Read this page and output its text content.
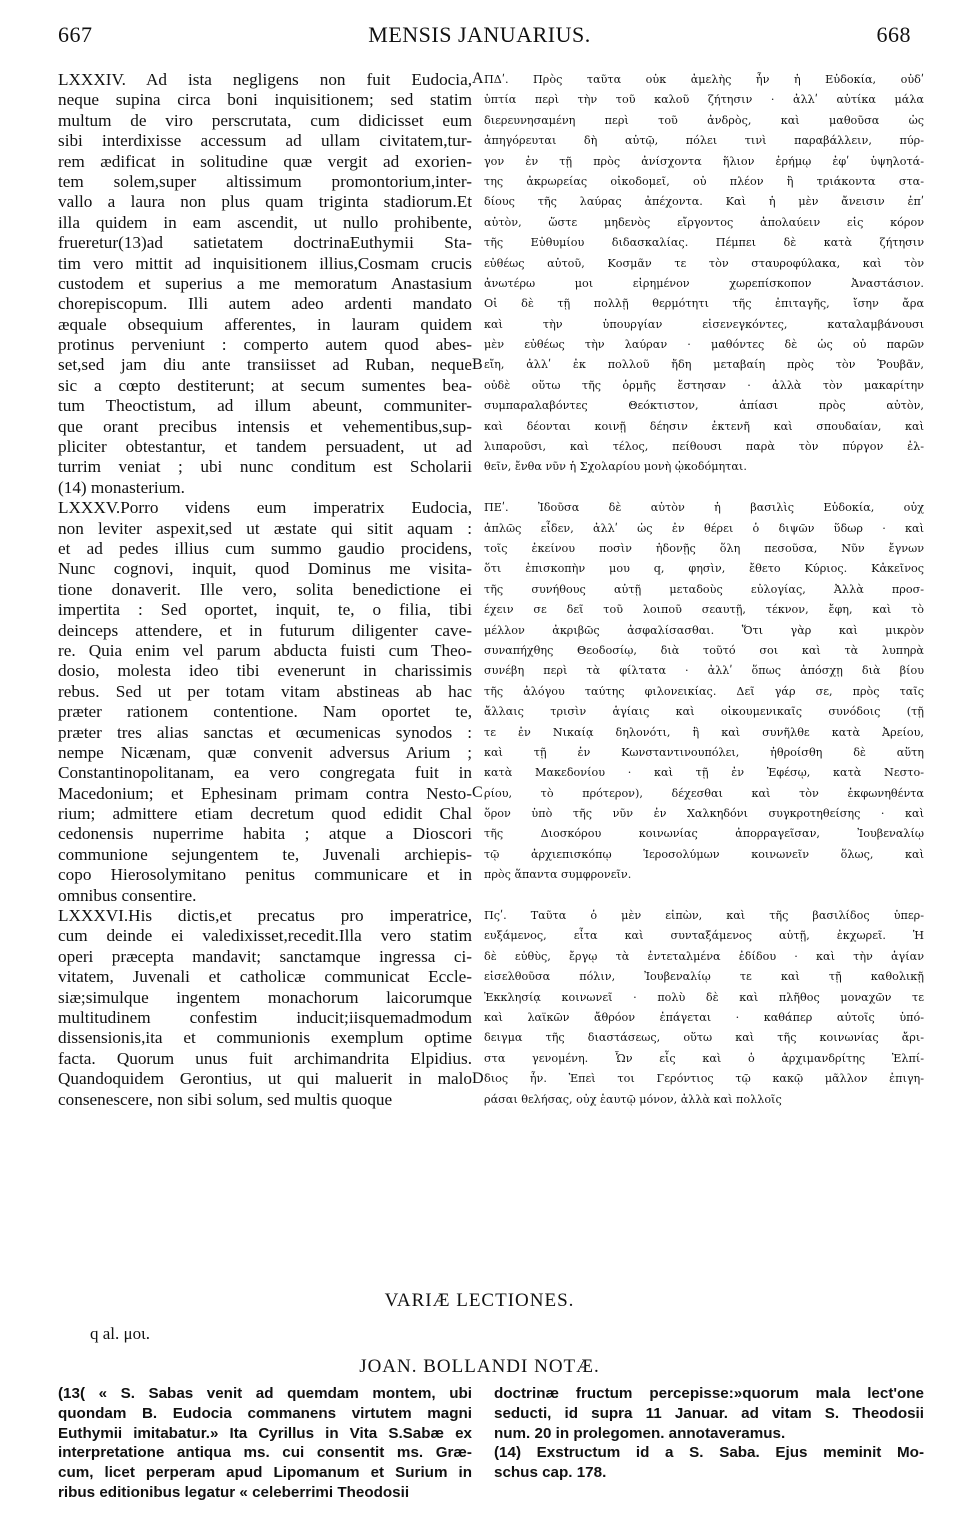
667	MENSIS JANUARIUS.	668
LXXXIV. Ad ista negligens non fuit Eudocia,
neque supina circa boni inquisitionem; sed statim
multum de viro perscrutata, cum didicisset eum
sibi interdixisse accessum ad ullam civitatem,tur-
rem ædificat in solitudine quæ vergit ad exorien-
tem solem,super altissimum promontorium,inter-
vallo a laura non plus quam triginta stadiorum.Et
illa quidem in eam ascendit, ut nullo prohibente,
frueretur(13)ad satietatem doctrinaEuthymii Sta-
tim vero mittit ad inquisitionem illius,Cosmam crucis
custodem et superius a me memoratum Anastasium
chorepiscopum. Illi autem adeo ardenti mandato
æquale obsequium afferentes, in lauram quidem
protinus perveniunt : comperto autem quod abes-
set,sed jam diu ante transiisset ad Ruban, neque
sic a cœpto destiterunt; at secum sumentes bea-
tum Theoctistum, ad illum abeunt, communiter-
que orant precibus intensis et vehementibus,sup-
pliciter obtestantur, et tandem persuadent, ut ad
turrim veniat ; ubi nunc conditum est Scholarii
(14) monasterium.
LXXXV.Porro videns eum imperatrix Eudocia,
non leviter aspexit,sed ut æstate qui sitit aquam :
et ad pedes illius cum summo gaudio procidens,
Nunc cognovi, inquit, quod Dominus me visita-
tione donaverit. Ille vero, solita benedictione ei
impertita : Sed oportet, inquit, te, o filia, tibi
deinceps attendere, et in futurum diligenter cave-
re. Quia enim vel parum abducta fuisti cum Theo-
dosio, molesta ideo tibi evenerunt in charissimis
rebus. Sed ut per totam vitam abstineas ab hac
præter rationem contentione. Nam oportet te,
præter tres alias sanctas et œcumenicas synodos :
nempe Nicænam, quæ convenit adversus Arium ;
Constantinopolitanam, ea vero congregata fuit in
Macedonium; et Ephesinam primam contra Nesto-
rium; admittere etiam decretum quod edidit Chal
cedonensis nuperrime habita ; atque a Dioscori
communione sejungentem te, Juvenali archiepis-
copo Hierosolymitano penitus communicare et in
omnibus consentire.
LXXXVI.His dictis,et precatus pro imperatrice,
cum deinde ei valedixisset,recedit.Illa vero statim
operi præcepta mandavit; sanctamque ingressa ci-
vitatem, Juvenali et catholicæ communicat Eccle-
siæ;simulque ingentem monachorum laicorumque
multitudinem confestim inducit;iisquemadmodum
dissensionis,ita et communionis exemplum optime
facta. Quorum unus fuit archimandrita Elpidius.
Quandoquidem Gerontius, ut qui maluerit in malo
consenescere, non sibi solum, sed multis quoque
ΠΔʹ. Πρὸς ταῦτα οὐκ ἀμελὴς ἦν ἡ Εὐδοκία, οὐδʹ
ὑπτία περὶ τὴν τοῦ καλοῦ ζήτησιν · ἀλλʹ αὐτίκα μάλα
διερευνησαμένη περὶ τοῦ ἀνδρὸς, καὶ μαθοῦσα ὡς
ἀπηγόρευται δὴ αὐτῷ, πόλει τινὶ παραβάλλειν, πύρ-
γον ἐν τῇ πρὸς ἀνίσχοντα ἥλιον ἐρήμῳ ἐφʹ ὑψηλοτά-
της ἀκρωρείας οἰκοδομεῖ, οὐ πλέον ἢ τριάκοντα στα-
δίους τῆς λαύρας ἀπέχοντα. Καὶ ἡ μὲν ἄνεισιν ἐπʹ
αὐτὸν, ὥστε μηδενὸς εἴργοντος ἀπολαύειν εἰς κόρον
τῆς Εὐθυμίου διδασκαλίας. Πέμπει δὲ κατὰ ζήτησιν
εὐθέως αὐτοῦ, Κοσμᾶν τε τὸν σταυροφύλακα, καὶ τὸν
ἀνωτέρω μοι εἰρημένον χωρεπίσκοπον Ἀναστάσιον.
Οἱ δὲ τῇ πολλῇ θερμότητι τῆς ἐπιταγῆς, ἴσην ἄρα
καὶ τὴν ὑπουργίαν εἰσενεγκόντες, καταλαμβάνουσι
μὲν εὐθέως τὴν λαύραν · μαθόντες δὲ ὡς οὐ παρῶν
εἴη, ἀλλʹ ἐκ πολλοῦ ἤδη μεταβαίη πρὸς τὸν Ῥουβᾶν,
οὐδὲ οὕτω τῆς ὁρμῆς ἔστησαν · ἀλλὰ τὸν μακαρίτην
συμπαραλαβόντες Θεόκτιστον, ἀπίασι πρὸς αὐτὸν,
καὶ δέονται κοινῇ δέησιν ἐκτενῆ καὶ σπουδαίαν, καὶ
λιπαροῦσι, καὶ τέλος, πείθουσι παρὰ τὸν πύργον ἐλ-
θεῖν, ἔνθα νῦν ἡ Σχολαρίου μονὴ ᾠκοδόμηται.
ΠΕʹ. Ἰδοῦσα δὲ αὐτὸν ἡ βασιλὶς Εὐδοκία, οὐχ
ἁπλῶς εἶδεν, ἀλλʹ ὡς ἐν θέρει ὁ διψῶν ὕδωρ · καὶ
τοῖς ἐκείνου ποσὶν ἡδονῇς ὅλη πεσοῦσα, Νῦν ἔγνων
ὅτι ἐπισκοπὴν μου q, φησὶν, ἔθετο Κύριος. Κἀκεῖνος
τῆς συνήθους αὐτῇ μεταδοὺς εὐλογίας, Ἀλλὰ προσ-
έχειν σε δεῖ τοῦ λοιποῦ σεαυτῇ, τέκνον, ἔφη, καὶ τὸ
μέλλον ἀκριβῶς ἀσφαλίσασθαι. Ὅτι γὰρ καὶ μικρὸν
συναπήχθης Θεοδοσίῳ, διὰ τοῦτό σοι καὶ τὰ λυπηρὰ
συνέβη περὶ τὰ φίλτατα · ἀλλʹ ὅπως ἀπόσχῃ διὰ βίου
τῆς ἀλόγου ταύτης φιλονεικίας. Δεῖ γάρ σε, πρὸς ταῖς
ἄλλαις τρισὶν ἁγίαις καὶ οἰκουμενικαῖς συνόδοις (τῇ
τε ἐν Νικαίᾳ δηλονότι, ἣ καὶ συνῆλθε κατὰ Ἀρείου,
καὶ τῇ ἐν Κωνσταντινουπόλει, ἠθροίσθη δὲ αὕτη
κατὰ Μακεδονίου · καὶ τῇ ἐν Ἐφέσῳ, κατὰ Νεστο-
ρίου, τὸ πρότερον), δέχεσθαι καὶ τὸν ἐκφωνηθέντα
ὅρον ὑπὸ τῆς νῦν ἐν Χαλκηδόνι συγκροτηθείσης · καὶ
τῆς Διοσκόρου κοινωνίας ἀπορραγεῖσαν, Ἰουβεναλίῳ
τῷ ἀρχιεπισκόπῳ Ἱεροσολύμων κοινωνεῖν ὅλως, καὶ
πρὸς ἅπαντα συμφρονεῖν.
Πςʹ. Ταῦτα ὁ μὲν εἰπὼν, καὶ τῆς βασιλίδος ὑπερ-
ευξάμενος, εἶτα καὶ συνταξάμενος αὐτῇ, ἐκχωρεῖ. Ἡ
δὲ εὐθὺς, ἔργῳ τὰ ἐντεταλμένα ἐδίδου · καὶ τὴν ἁγίαν
εἰσελθοῦσα πόλιν, Ἰουβεναλίῳ τε καὶ τῇ καθολικῇ
Ἐκκλησίᾳ κοινωνεῖ · πολὺ δὲ καὶ πλῆθος μοναχῶν τε
καὶ λαϊκῶν ἄθρόον ἐπάγεται · καθάπερ αὐτοῖς ὑπό-
δειγμα τῆς διαστάσεως, οὕτω καὶ τῆς κοινωνίας ἄρι-
στα γενομένη. Ὧν εἷς καὶ ὁ ἀρχιμανδρίτης Ἐλπί-
διος ἦν. Ἐπεὶ τοι Γερόντιος τῷ κακῷ μᾶλλον ἐπιγη-
ράσαι θελήσας, οὐχ ἑαυτῷ μόνον, ἀλλὰ καὶ πολλοῖς
A
B
C
D
VARIÆ LECTIONES.
q al. μοι.
JOAN. BOLLANDI NOTÆ.
(13( « S. Sabas venit ad quemdam montem, ubi
quondam B. Eudocia commanens virtutem magni
Euthymii imitabatur.» Ita Cyrillus in Vita S.Sabæ ex
interpretatione antiqua ms. cui consentit ms. Græ-
cum, licet perperam apud Lipomanum et Surium in
ribus editionibus legatur « celeberrimi Theodosii
doctrinæ fructum percepisse:»quorum mala lect'one
seducti, id supra 11 Januar. ad vitam S. Theodosii
num. 20 in prolegomen. annotaveramus.
(14) Exstructum id a S. Saba. Ejus meminit Mo-
schus cap. 178.
